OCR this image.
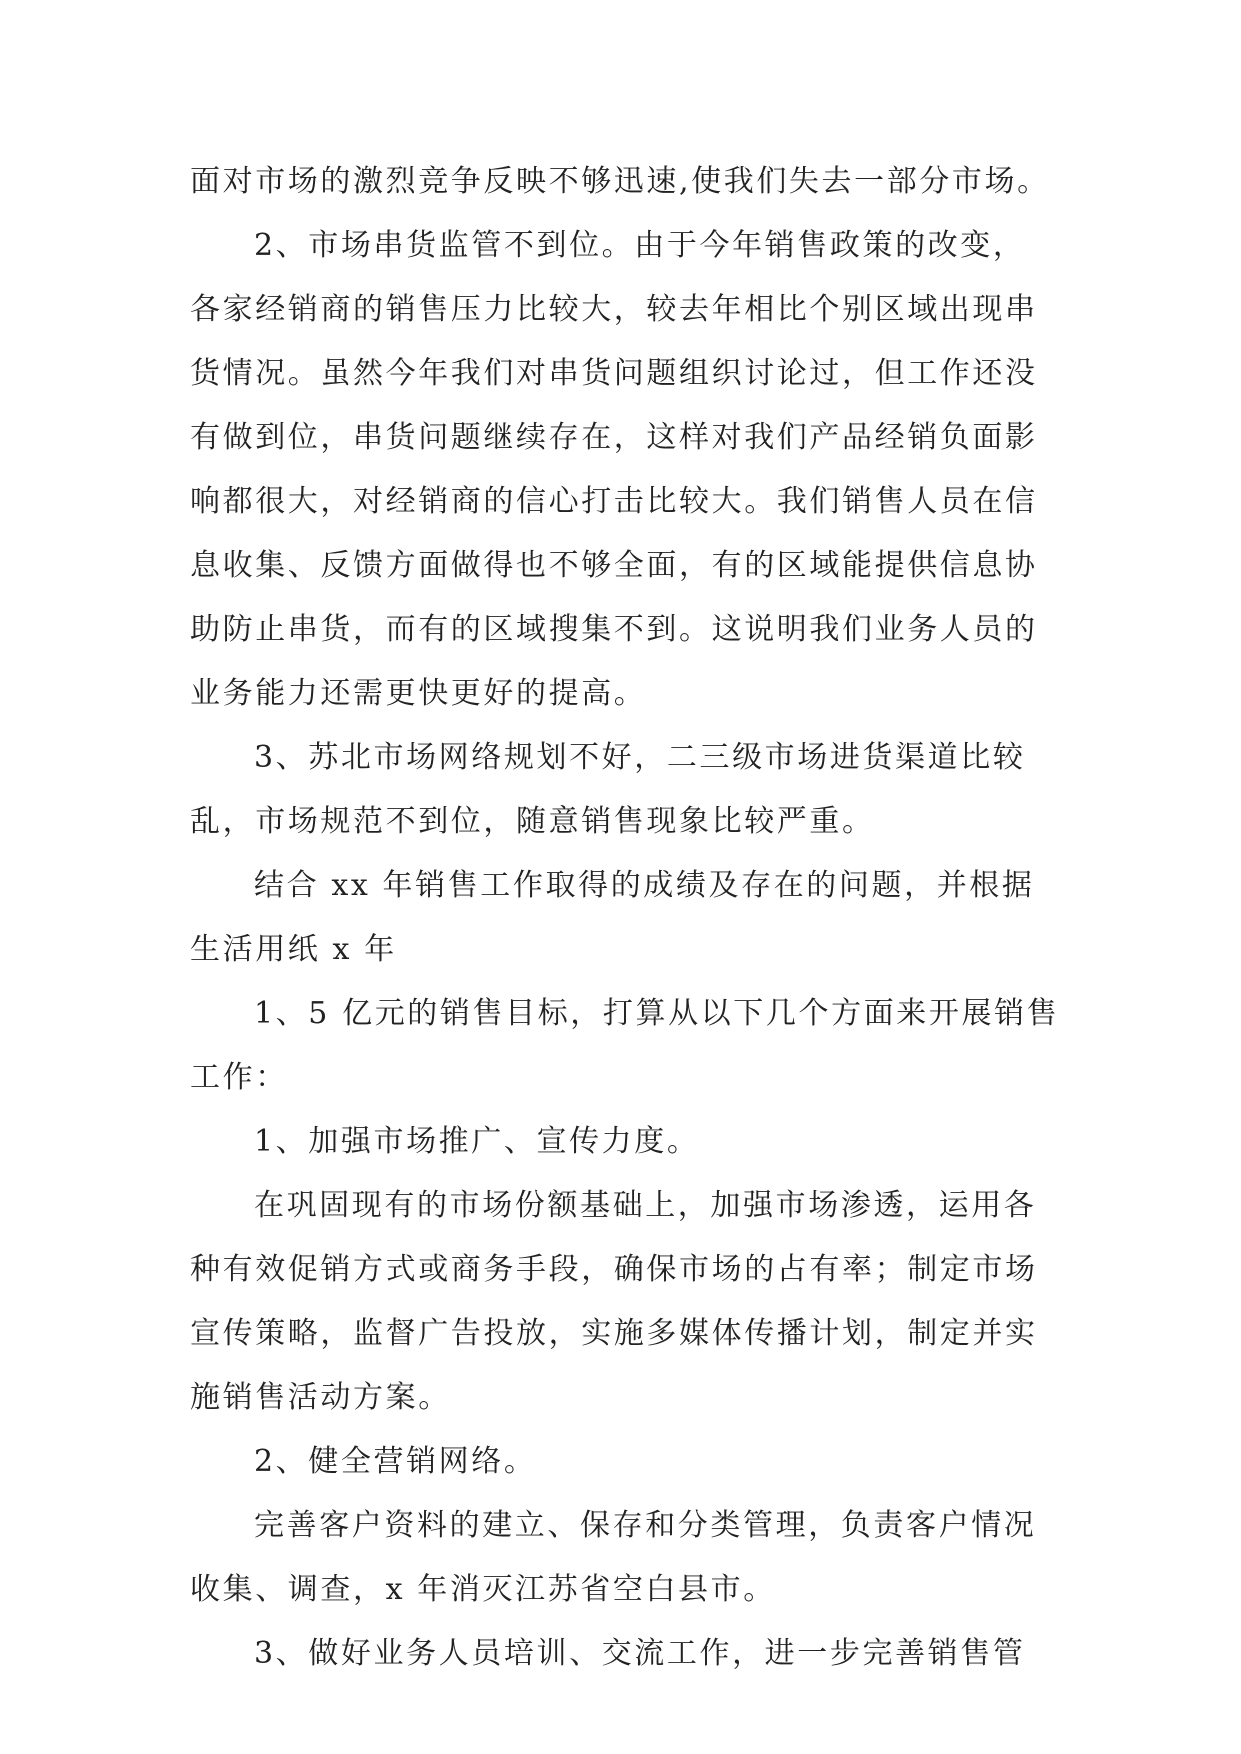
面对市场的激烈竞争反映不够迅速,使我们失去一部分市场。
2、市场串货监管不到位。由于今年销售政策的改变，
各家经销商的销售压力比较大，较去年相比个别区域出现串
货情况。虽然今年我们对串货问题组织讨论过，但工作还没
有做到位，串货问题继续存在，这样对我们产品经销负面影
响都很大，对经销商的信心打击比较大。我们销售人员在信
息收集、反馈方面做得也不够全面，有的区域能提供信息协
助防止串货，而有的区域搜集不到。这说明我们业务人员的
业务能力还需更快更好的提高。
3、苏北市场网络规划不好，二三级市场进货渠道比较
乱，市场规范不到位，随意销售现象比较严重。
结合 xx 年销售工作取得的成绩及存在的问题，并根据
生活用纸 x 年
1、5 亿元的销售目标，打算从以下几个方面来开展销售
工作：
1、加强市场推广、宣传力度。
在巩固现有的市场份额基础上，加强市场渗透，运用各
种有效促销方式或商务手段，确保市场的占有率；制定市场
宣传策略，监督广告投放，实施多媒体传播计划，制定并实
施销售活动方案。
2、健全营销网络。
完善客户资料的建立、保存和分类管理，负责客户情况
收集、调查，x 年消灭江苏省空白县市。
3、做好业务人员培训、交流工作，进一步完善销售管
